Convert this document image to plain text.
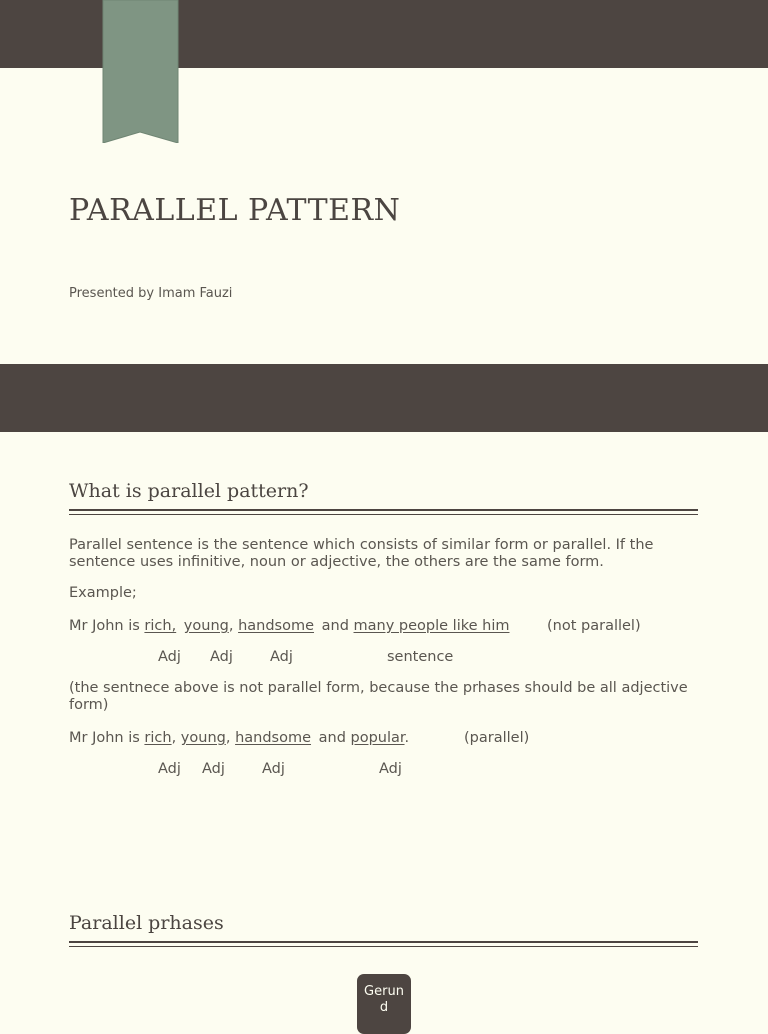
PARALLEL PATTERN
Presented by Imam Fauzi
What is parallel pattern?
Parallel sentence is the sentence which consists of similar form or parallel. If the sentence uses infinitive, noun or adjective, the others are the same form.
Example;
Mr John is rich, young, handsome and many people like him	(not parallel)
Adj Adj	Adj	sentence
(the sentnece above is not parallel form, because the prhases should be all adjective form)
Mr John is rich, young, handsome and popular.	(parallel)
Adj Adj	Adj	Adj
Parallel prhases
Gerun
d
